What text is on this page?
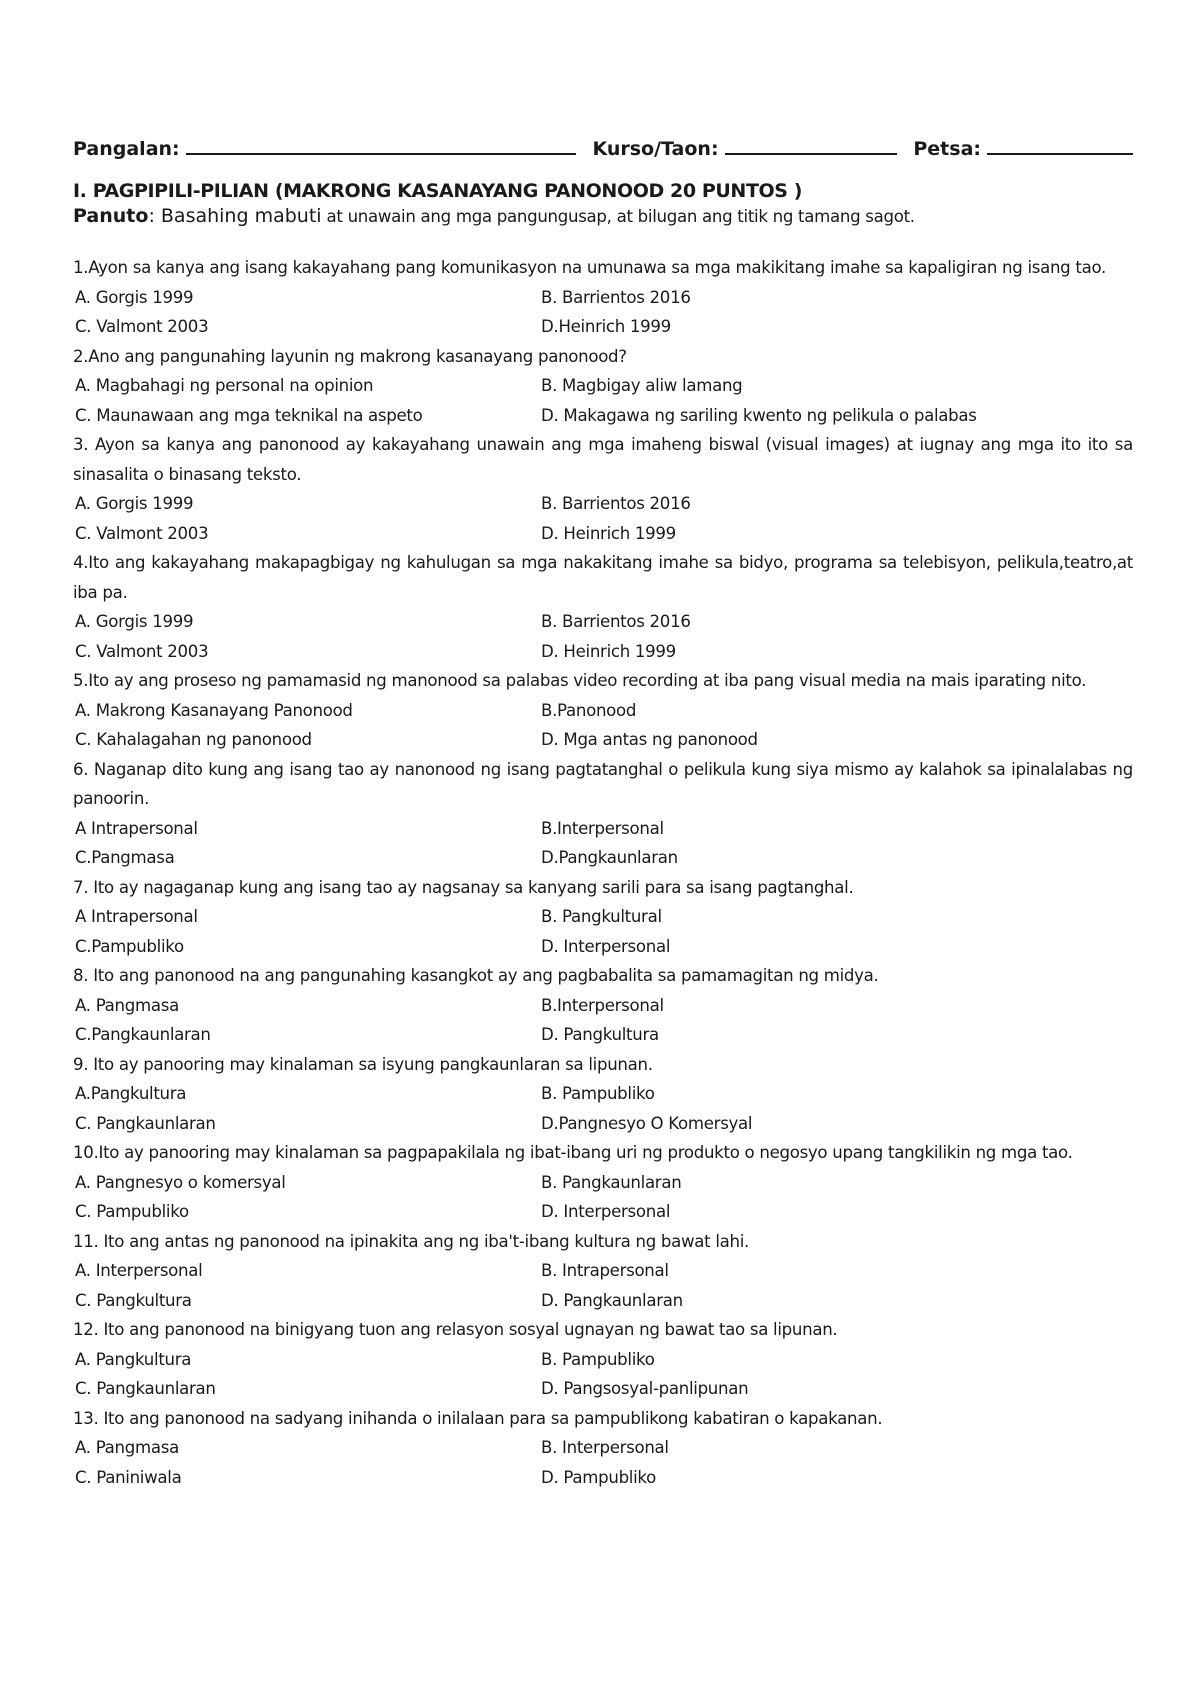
Pangalan:	Kurso/Taon:	Petsa:
I. PAGPIPILI-PILIAN (MAKRONG KASANAYANG PANONOOD 20 PUNTOS )
Panuto: Basahing mabuti at unawain ang mga pangungusap, at bilugan ang titik ng tamang sagot.
1.Ayon sa kanya ang isang kakayahang pang komunikasyon na umunawa sa mga makikitang imahe sa kapaligiran ng isang tao.
A. Gorgis 1999	B. Barrientos 2016
C. Valmont 2003	D.Heinrich 1999
2.Ano ang pangunahing layunin ng makrong kasanayang panonood?
A. Magbahagi ng personal na opinion	B. Magbigay aliw lamang
C. Maunawaan ang mga teknikal na aspeto	D. Makagawa ng sariling kwento ng pelikula o palabas
3. Ayon sa kanya ang panonood ay kakayahang unawain ang mga imaheng biswal (visual images) at iugnay ang mga ito ito sa sinasalita o binasang teksto.
A. Gorgis 1999	B. Barrientos 2016
C. Valmont 2003	D. Heinrich 1999
4.Ito ang kakayahang makapagbigay ng kahulugan sa mga nakakitang imahe sa bidyo, programa sa telebisyon, pelikula,teatro,at iba pa.
A. Gorgis 1999	B. Barrientos 2016
C. Valmont 2003	D. Heinrich 1999
5.Ito ay ang proseso ng pamamasid ng manonood sa palabas video recording at iba pang visual media na mais iparating nito.
A. Makrong Kasanayang Panonood	B.Panonood
C. Kahalagahan ng panonood	D. Mga antas ng panonood
6. Naganap dito kung ang isang tao ay nanonood ng isang pagtatanghal o pelikula kung siya mismo ay kalahok sa ipinalalabas ng panoorin.
A Intrapersonal	B.Interpersonal
C.Pangmasa	D.Pangkaunlaran
7. Ito ay nagaganap kung ang isang tao ay nagsanay sa kanyang sarili para sa isang pagtanghal.
A Intrapersonal	B. Pangkultural
C.Pampubliko	D. Interpersonal
8. Ito ang panonood na ang pangunahing kasangkot ay ang pagbabalita sa pamamagitan ng midya.
A. Pangmasa	B.Interpersonal
C.Pangkaunlaran	D. Pangkultura
9. Ito ay panooring may kinalaman sa isyung pangkaunlaran sa lipunan.
A.Pangkultura	B. Pampubliko
C. Pangkaunlaran	D.Pangnesyo O Komersyal
10.Ito ay panooring may kinalaman sa pagpapakilala ng ibat-ibang uri ng produkto o negosyo upang tangkilikin ng mga tao.
A. Pangnesyo o komersyal	B. Pangkaunlaran
C. Pampubliko	D. Interpersonal
11. Ito ang antas ng panonood na ipinakita ang ng iba't-ibang kultura ng bawat lahi.
A. Interpersonal	B. Intrapersonal
C. Pangkultura	D. Pangkaunlaran
12. Ito ang panonood na binigyang tuon ang relasyon sosyal ugnayan ng bawat tao sa lipunan.
A. Pangkultura	B. Pampubliko
C. Pangkaunlaran	D. Pangsosyal-panlipunan
13. Ito ang panonood na sadyang inihanda o inilalaan para sa pampublikong kabatiran o kapakanan.
A. Pangmasa	B. Interpersonal
C. Paniniwala	D. Pampubliko
